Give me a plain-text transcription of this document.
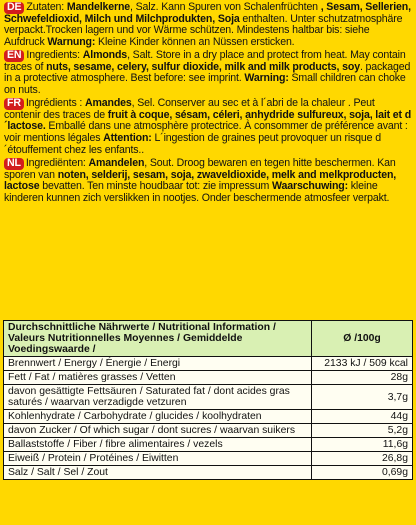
DE Zutaten: Mandelkerne, Salz. Kann Spuren von Schalenfrüchten , Sesam, Sellerien, Schwefeldioxid, Milch und Milchprodukten, Soja enthalten. Unter schutzatmosphäre verpackt.Trocken lagern und vor Wärme schützen. Mindestens haltbar bis: siehe Aufdruck Warnung: Kleine Kinder können an Nüssen ersticken.
EN Ingredients: Almonds, Salt. Store in a dry place and protect from heat. May contain traces of nuts, sesame, celery, sulfur dioxide, milk and milk products, soy. packaged in a protective atmosphere. Best before: see imprint. Warning: Small children can choke on nuts.
FR Ingrédients : Amandes, Sel. Conserver au sec et à l´abri de la chaleur . Peut contenir des traces de fruit à coque, sésam, céleri, anhydride sulfureux, soja, lait et d´lactose. Emballé dans une atmosphère protectrice. À consommer de préférence avant : voir mentions légales Attention: L´ingestion de graines peut provoquer un risque d´étouffement chez les enfants..
NL Ingrediënten: Amandelen, Sout. Droog bewaren en tegen hitte beschermen. Kan sporen van noten, selderij, sesam, soja, zwaveldioxide, melk and melkproducten, lactose bevatten. Ten minste houdbaar tot: zie impressum Waarschuwing: kleine kinderen kunnen zich verslikken in nootjes. Onder beschermende atmosfeer verpakt.
Durchschnittliche Nährwerte / Nutritional Information / Valeurs Nutritionnelles Moyennes / Gemiddelde Voedingswaarde /	Ø /100g
Brennwert / Energy / Énergie / Energi	2133 kJ / 509 kcal
Fett / Fat / matières grasses / Vetten	28g
davon gesättigte Fettsäuren / Saturated fat / dont acides gras saturés / waarvan verzadigde vetzuren	3,7g
Kohlenhydrate / Carbohydrate / glucides / koolhydraten	44g
davon Zucker / Of which sugar / dont sucres / waarvan suikers	5,2g
Ballaststoffe / Fiber / fibre alimentaires / vezels	11,6g
Eiweiß / Protein / Protéines / Eiwitten	26,8g
Salz / Salt / Sel / Zout	0,69g
